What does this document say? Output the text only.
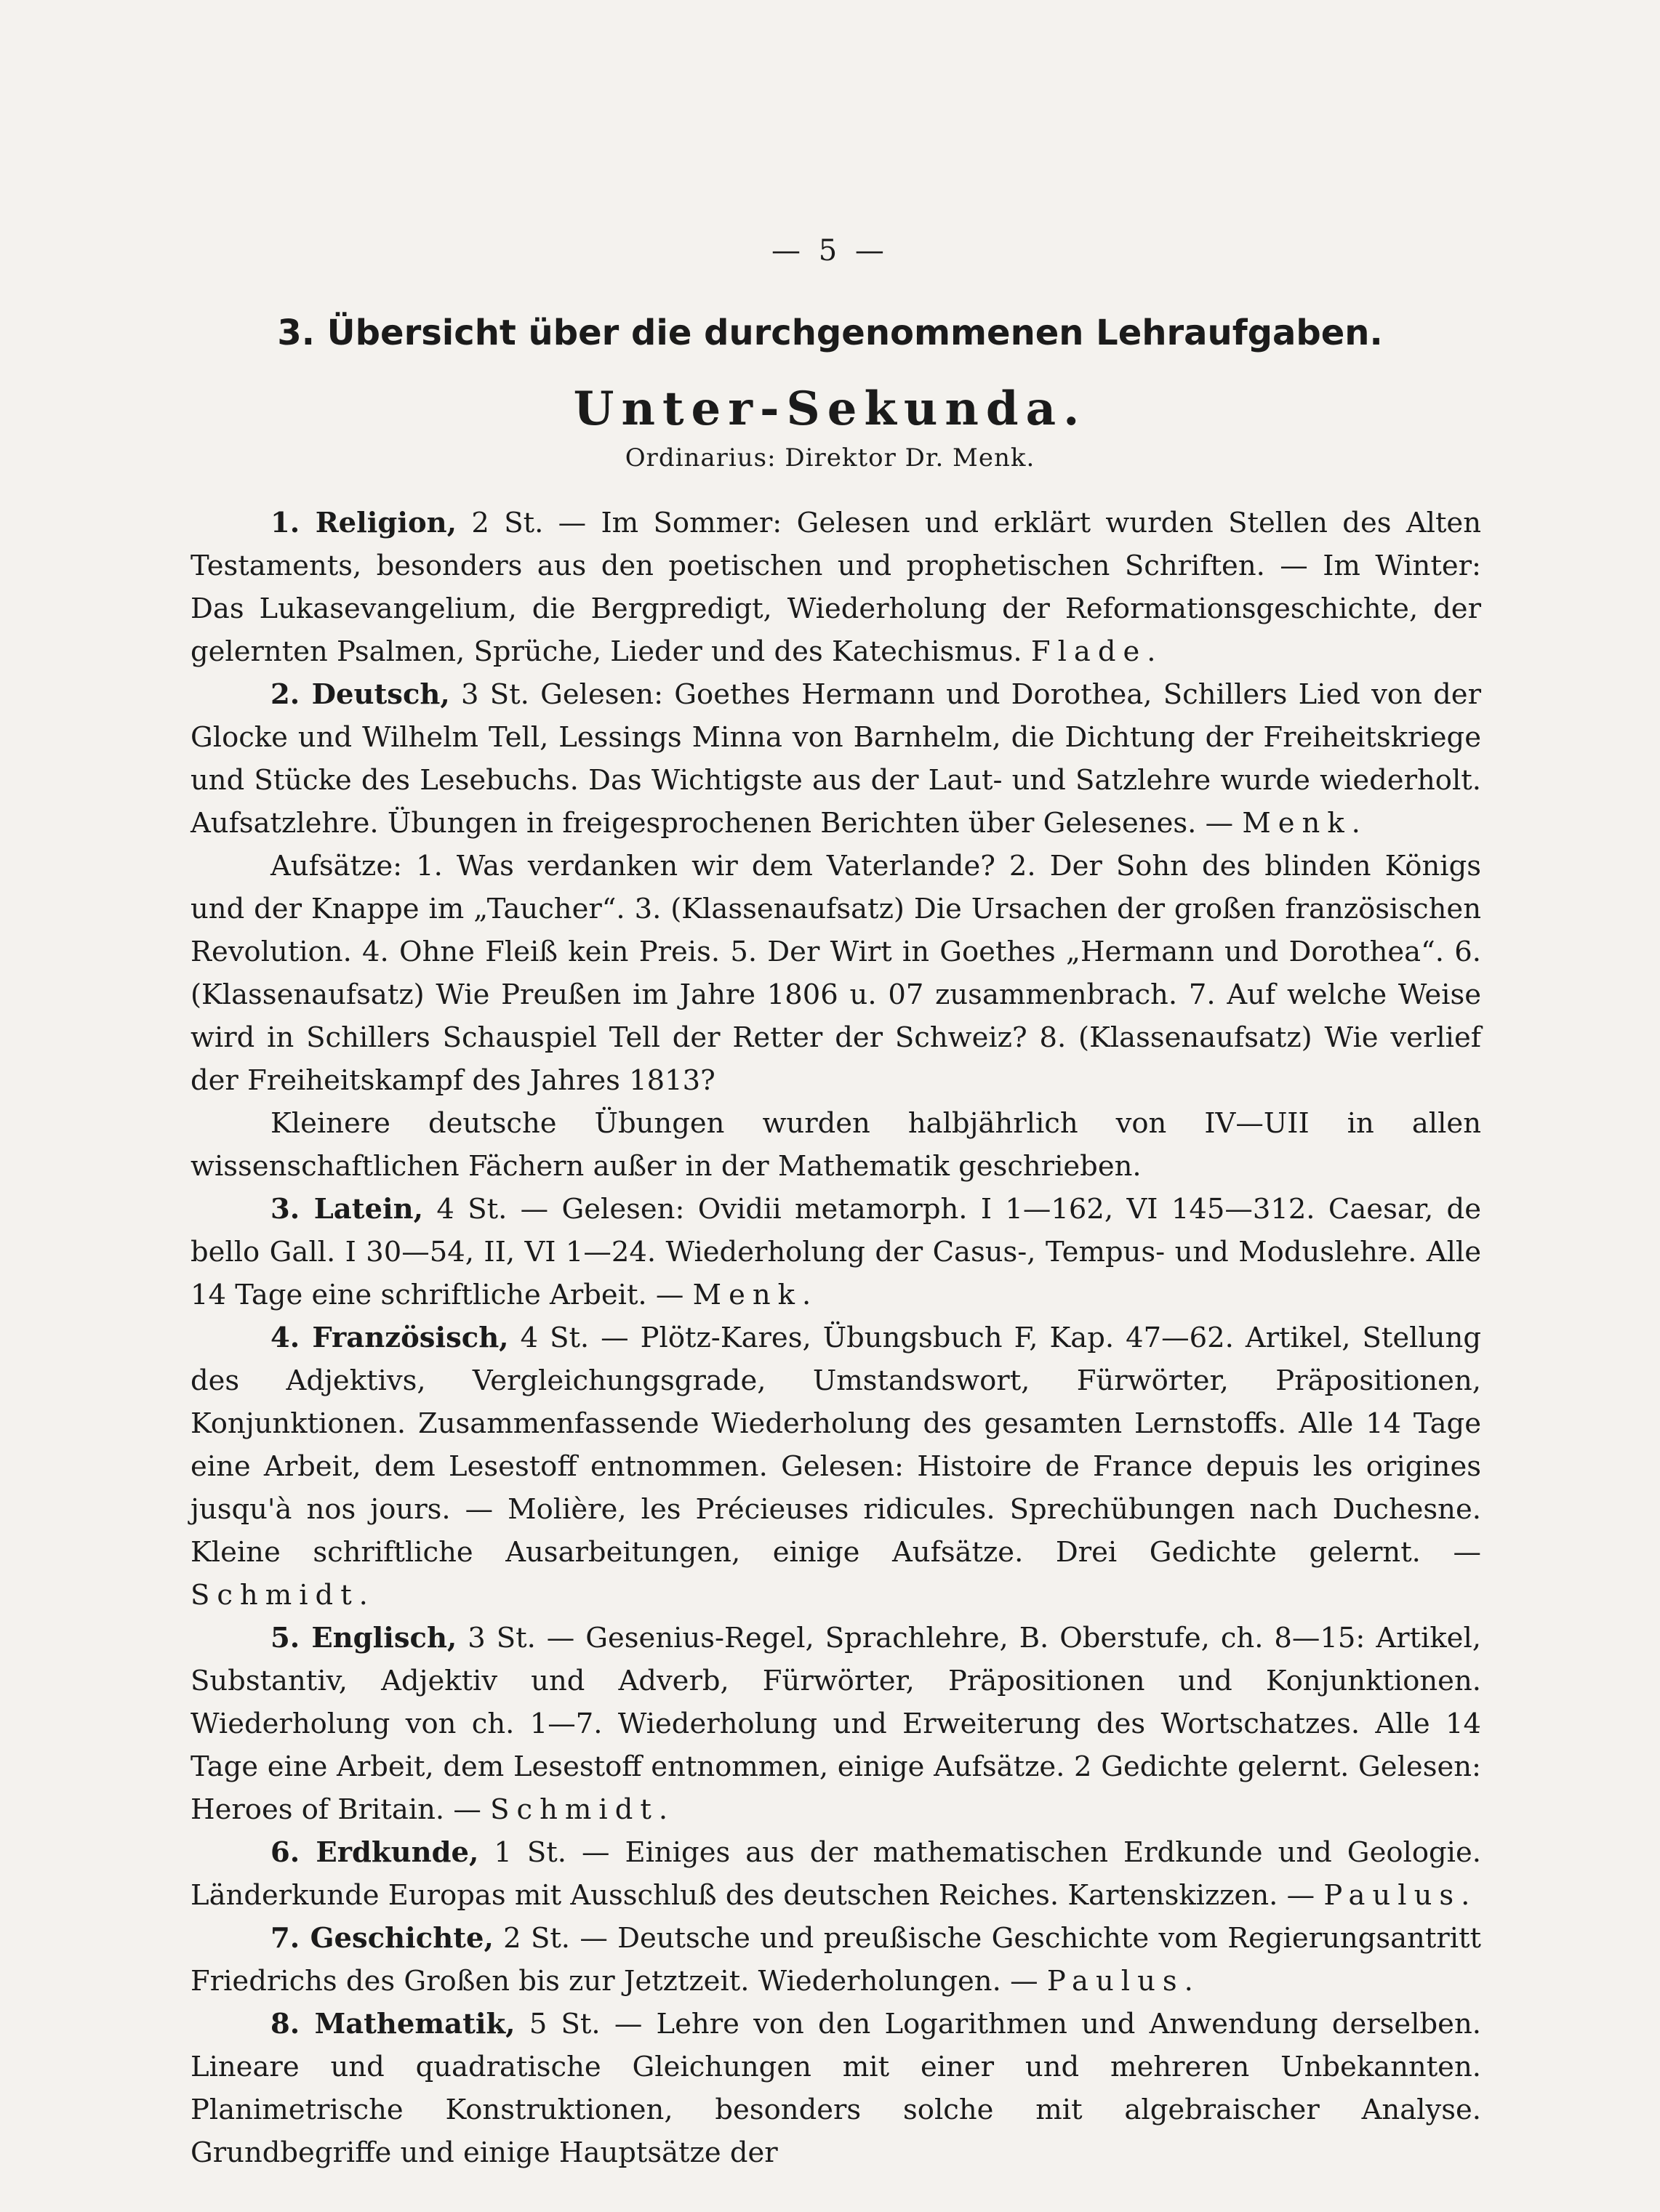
— 5 —
3. Übersicht über die durchgenommenen Lehraufgaben.
Unter-Sekunda.
Ordinarius: Direktor Dr. Menk.

1. Religion, 2 St. — Im Sommer: Gelesen und erklärt wurden Stellen des Alten Testaments, besonders aus den poetischen und prophetischen Schriften. — Im Winter: Das Lukasevangelium, die Bergpredigt, Wiederholung der Reformationsgeschichte, der gelernten Psalmen, Sprüche, Lieder und des Katechismus. Flade.

2. Deutsch, 3 St. Gelesen: Goethes Hermann und Dorothea, Schillers Lied von der Glocke und Wilhelm Tell, Lessings Minna von Barnhelm, die Dichtung der Freiheitskriege und Stücke des Lesebuchs. Das Wichtigste aus der Laut- und Satzlehre wurde wiederholt. Aufsatzlehre. Übungen in freigesprochenen Berichten über Gelesenes. — Menk.

Aufsätze: 1. Was verdanken wir dem Vaterlande? 2. Der Sohn des blinden Königs und der Knappe im „Taucher“. 3. (Klassenaufsatz) Die Ursachen der großen französischen Revolution. 4. Ohne Fleiß kein Preis. 5. Der Wirt in Goethes „Hermann und Dorothea“. 6. (Klassenaufsatz) Wie Preußen im Jahre 1806 u. 07 zusammenbrach. 7. Auf welche Weise wird in Schillers Schauspiel Tell der Retter der Schweiz? 8. (Klassenaufsatz) Wie verlief der Freiheitskampf des Jahres 1813?

Kleinere deutsche Übungen wurden halbjährlich von IV—UII in allen wissenschaftlichen Fächern außer in der Mathematik geschrieben.

3. Latein, 4 St. — Gelesen: Ovidii metamorph. I 1—162, VI 145—312. Caesar, de bello Gall. I 30—54, II, VI 1—24. Wiederholung der Casus-, Tempus- und Moduslehre. Alle 14 Tage eine schriftliche Arbeit. — Menk.

4. Französisch, 4 St. — Plötz-Kares, Übungsbuch F, Kap. 47—62. Artikel, Stellung des Adjektivs, Vergleichungsgrade, Umstandswort, Fürwörter, Präpositionen, Konjunktionen. Zusammenfassende Wiederholung des gesamten Lernstoffs. Alle 14 Tage eine Arbeit, dem Lesestoff entnommen. Gelesen: Histoire de France depuis les origines jusqu'à nos jours. — Molière, les Précieuses ridicules. Sprechübungen nach Duchesne. Kleine schriftliche Ausarbeitungen, einige Aufsätze. Drei Gedichte gelernt. — Schmidt.

5. Englisch, 3 St. — Gesenius-Regel, Sprachlehre, B. Oberstufe, ch. 8—15: Artikel, Substantiv, Adjektiv und Adverb, Fürwörter, Präpositionen und Konjunktionen. Wiederholung von ch. 1—7. Wiederholung und Erweiterung des Wortschatzes. Alle 14 Tage eine Arbeit, dem Lesestoff entnommen, einige Aufsätze. 2 Gedichte gelernt. Gelesen: Heroes of Britain. — Schmidt.

6. Erdkunde, 1 St. — Einiges aus der mathematischen Erdkunde und Geologie. Länderkunde Europas mit Ausschluß des deutschen Reiches. Kartenskizzen. — Paulus.

7. Geschichte, 2 St. — Deutsche und preußische Geschichte vom Regierungsantritt Friedrichs des Großen bis zur Jetztzeit. Wiederholungen. — Paulus.

8. Mathematik, 5 St. — Lehre von den Logarithmen und Anwendung derselben. Lineare und quadratische Gleichungen mit einer und mehreren Unbekannten. Planimetrische Konstruktionen, besonders solche mit algebraischer Analyse. Grundbegriffe und einige Hauptsätze der
